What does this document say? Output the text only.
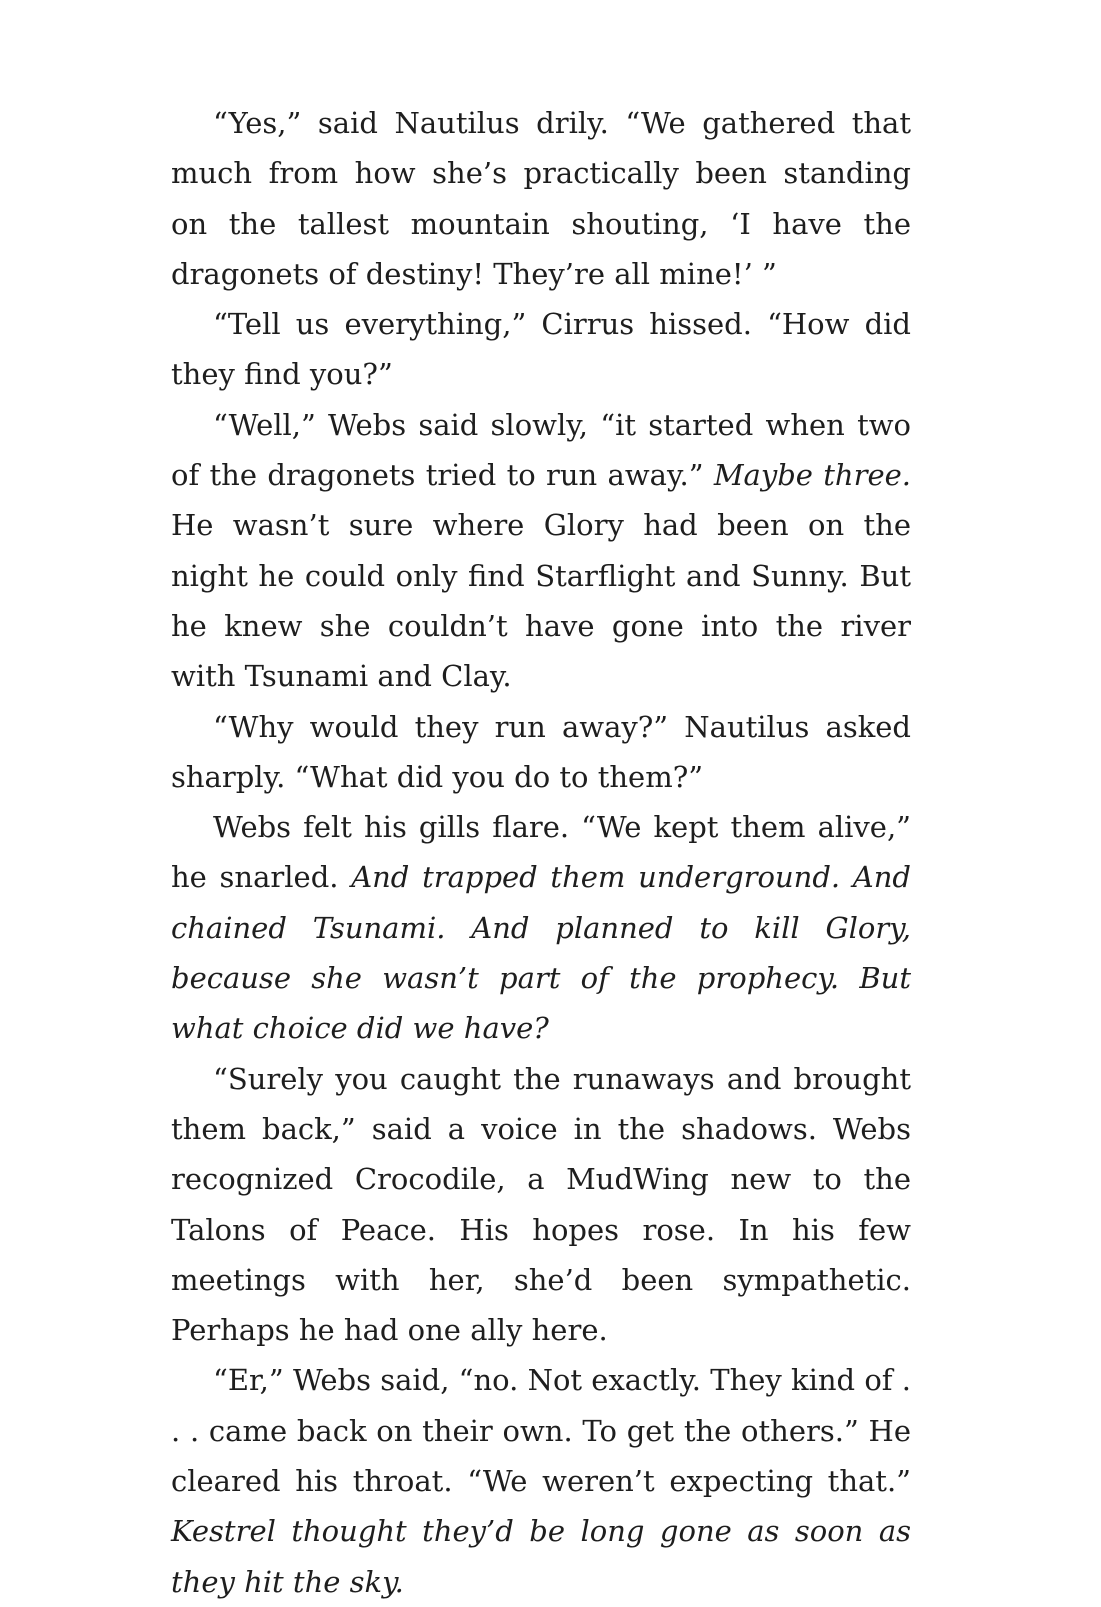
“Yes,” said Nautilus drily. “We gathered that much from how she’s practically been standing on the tallest mountain shouting, ‘I have the dragonets of destiny! They’re all mine!’ ”

“Tell us everything,” Cirrus hissed. “How did they find you?”

“Well,” Webs said slowly, “it started when two of the dragonets tried to run away.” Maybe three. He wasn’t sure where Glory had been on the night he could only find Starflight and Sunny. But he knew she couldn’t have gone into the river with Tsunami and Clay.

“Why would they run away?” Nautilus asked sharply. “What did you do to them?”

Webs felt his gills flare. “We kept them alive,” he snarled. And trapped them underground. And chained Tsunami. And planned to kill Glory, because she wasn’t part of the prophecy. But what choice did we have?

“Surely you caught the runaways and brought them back,” said a voice in the shadows. Webs recognized Crocodile, a MudWing new to the Talons of Peace. His hopes rose. In his few meetings with her, she’d been sympathetic. Perhaps he had one ally here.

“Er,” Webs said, “no. Not exactly. They kind of . . . came back on their own. To get the others.” He cleared his throat. “We weren’t expecting that.” Kestrel thought they’d be long gone as soon as they hit the sky.
